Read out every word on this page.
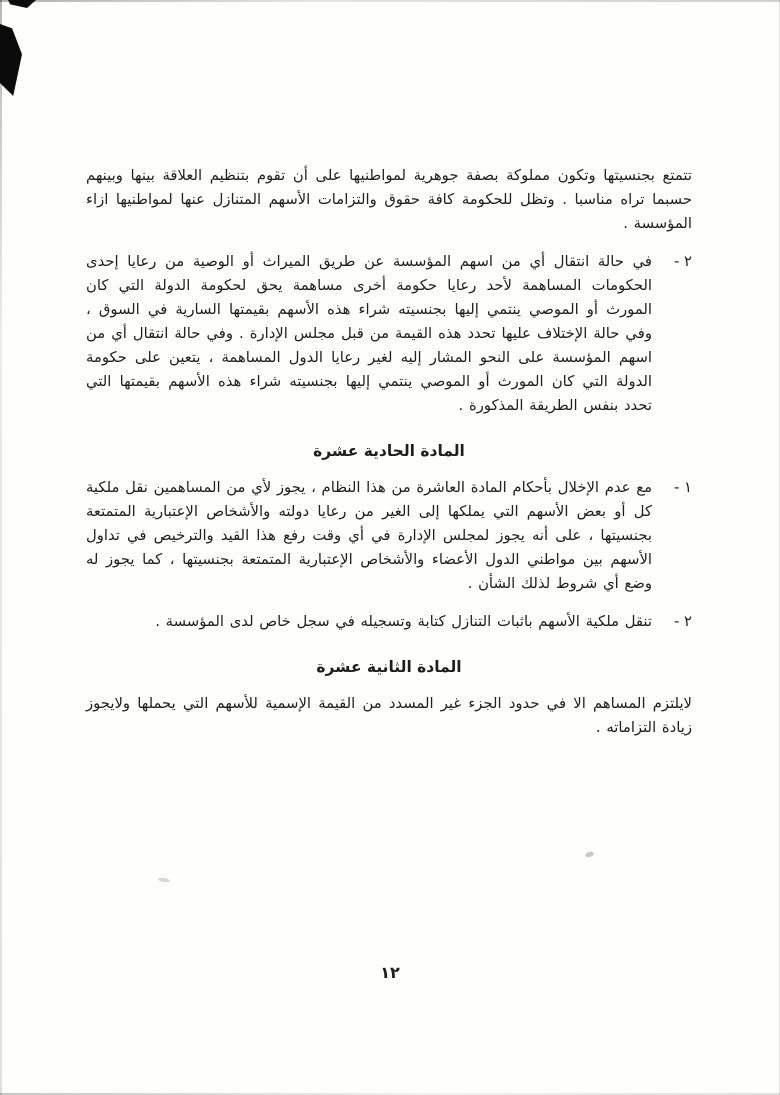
تتمتع بجنسيتها وتكون مملوكة بصفة جوهرية لمواطنيها على أن تقوم بتنظيم العلاقة بينها وبينهم حسبما تراه مناسبا . وتظل للحكومة كافة حقوق والتزامات الأسهم المتنازل عنها لمواطنيها ازاء المؤسسة .

٢ -

في حالة انتقال أي من اسهم المؤسسة عن طريق الميراث أو الوصية من رعايا إحدى الحكومات المساهمة لأحد رعايا حكومة أخرى مساهمة يحق لحكومة الدولة التي كان المورث أو الموصي ينتمي إليها بجنسيته شراء هذه الأسهم بقيمتها السارية في السوق ، وفي حالة الإختلاف عليها تحدد هذه القيمة من قبل مجلس الإدارة . وفي حالة انتقال أي من اسهم المؤسسة على النحو المشار إليه لغير رعايا الدول المساهمة ، يتعين على حكومة الدولة التي كان المورث أو الموصي ينتمي إليها بجنسيته شراء هذه الأسهم بقيمتها التي تحدد بنفس الطريقة المذكورة .

المادة الحادية عشرة
١ -

مع عدم الإخلال بأحكام المادة العاشرة من هذا النظام ، يجوز لأي من المساهمين نقل ملكية كل أو بعض الأسهم التي يملكها إلى الغير من رعايا دولته والأشخاص الإعتبارية المتمتعة بجنسيتها ، على أنه يجوز لمجلس الإدارة في أي وقت رفع هذا القيد والترخيص في تداول الأسهم بين مواطني الدول الأعضاء والأشخاص الإعتبارية المتمتعة بجنسيتها ، كما يجوز له وضع أي شروط لذلك الشأن .

٢ -

تنقل ملكية الأسهم باثبات التنازل كتابة وتسجيله في سجل خاص لدى المؤسسة .

المادة الثانية عشرة

لايلتزم المساهم الا في حدود الجزء غير المسدد من القيمة الإسمية للأسهم التي يحملها ولايجوز زيادة التزاماته .

١٢
